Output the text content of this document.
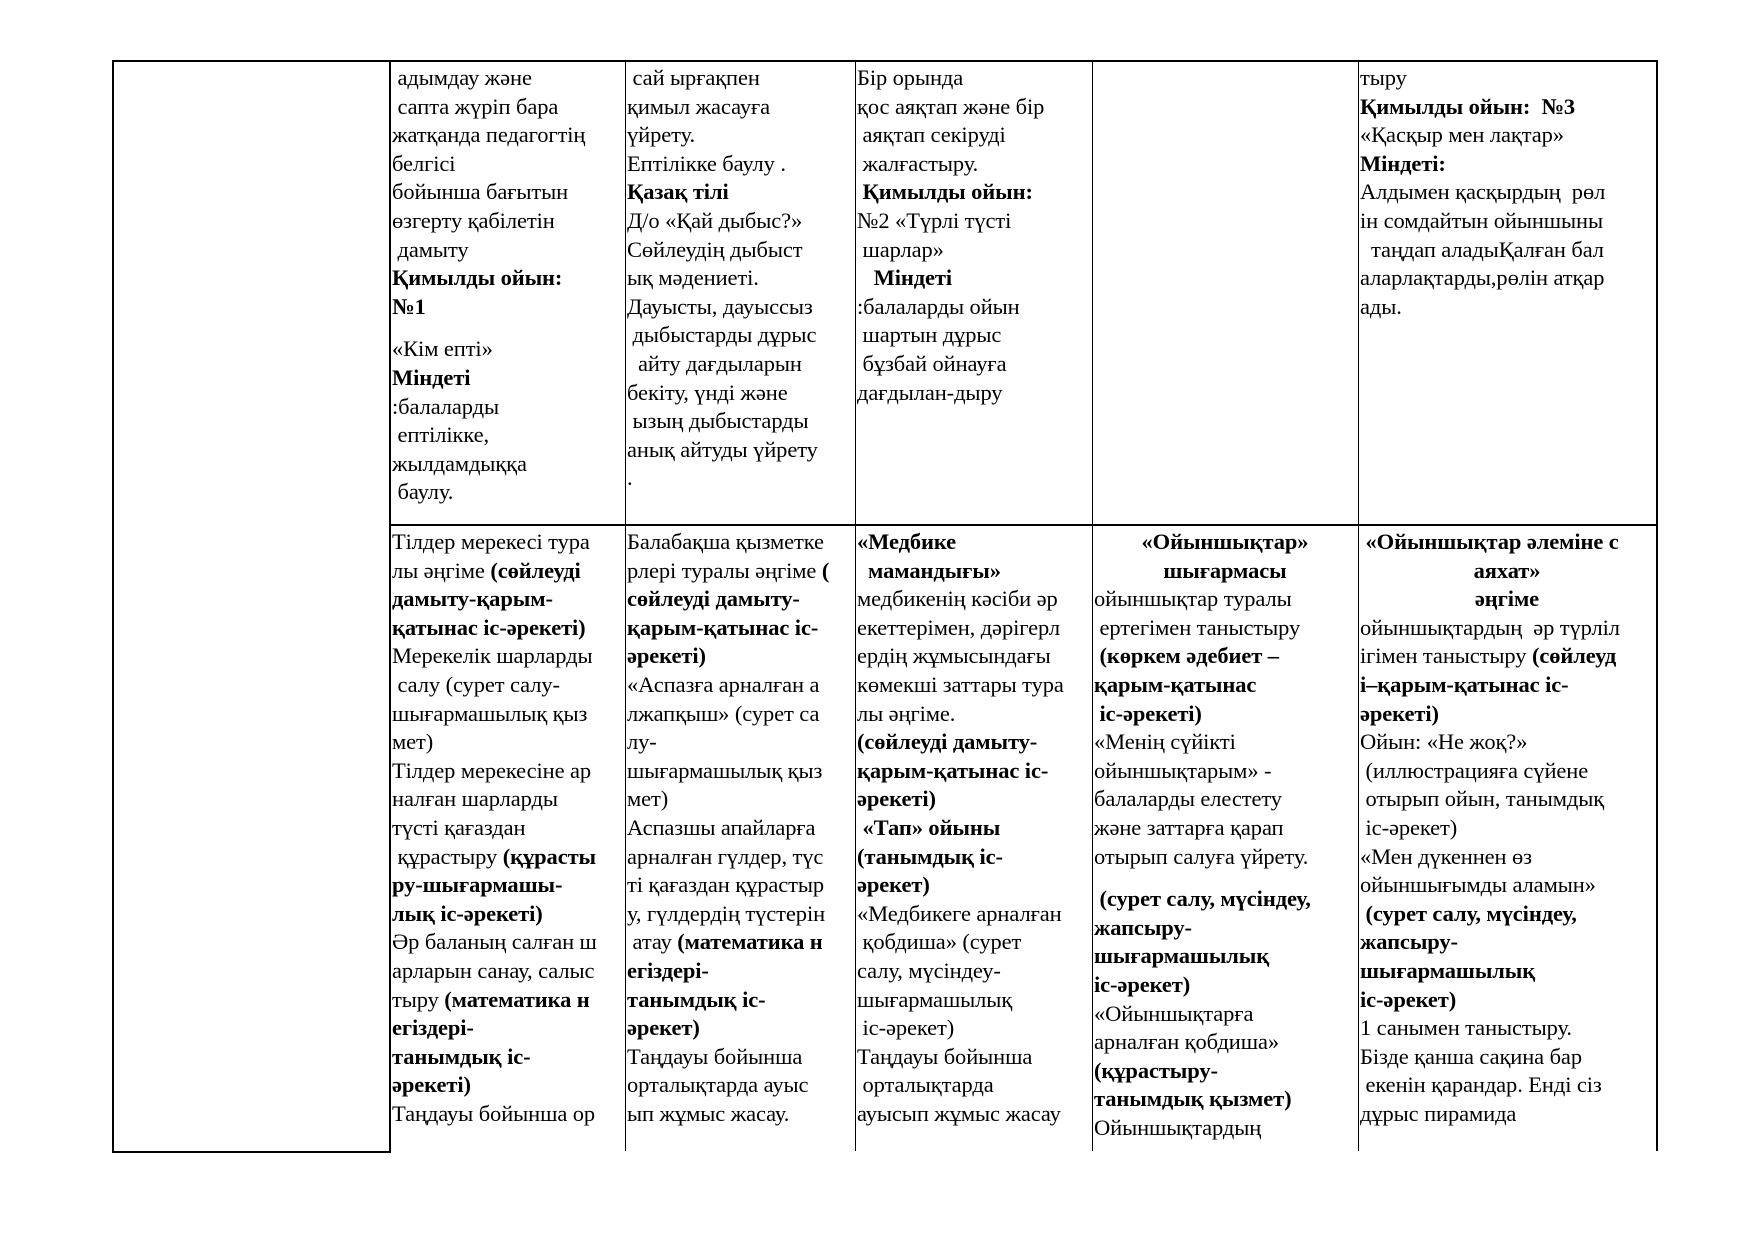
адымдау және
сапта жүріп бара
жатқанда педагогтің
белгісі
бойынша бағытын
өзгерту қабілетін
дамыту
Қимылды ойын:
№1
«Кім епті»
Міндеті
:балаларды
ептілікке,
жылдамдыққа
баулу.
сай ырғақпен
қимыл жасауға
үйрету.
Ептілікке баулу .
Қазақ тілі
Д/о «Қай дыбыс?»
Сөйлеудің дыбыст
ық мәдениеті.
Дауысты, дауыссыз
дыбыстарды дұрыс
айту дағдыларын
бекіту, үнді және
ызың дыбыстарды
анық айтуды үйрету
.
Бір орында
қос аяқтап және бір
аяқтап секіруді
жалғастыру.
Қимылды ойын:
№2 «Түрлі түсті
шарлар»
Міндеті
:балаларды ойын
шартын дұрыс
бұзбай ойнауға
дағдылан-дыру
тыру
Қимылды ойын:  №3
«Қасқыр мен лақтар»
Міндеті:
Алдымен қасқырдың  рөл
ін сомдайтын ойыншыны
таңдап аладыҚалған бал
аларлақтарды,рөлін атқар
ады.
Тілдер мерекесі тура
лы әңгіме (сөйлеуді
дамыту-қарым-
қатынас іс-әрекеті)
Мерекелік шарларды
салу (сурет салу-
шығармашылық қыз
мет)
Тілдер мерекесіне ар
налған шарларды
түсті қағаздан
құрастыру (құрасты
ру-шығармашы-
лық іс-әрекеті)
Әр баланың салған ш
арларын санау, салыс
тыру (математика н
егіздері-
танымдық іс-
әрекеті)
Таңдауы бойынша ор
Балабақша қызметке
рлері туралы әңгіме (
сөйлеуді дамыту-
қарым-қатынас іс-
әрекеті)
«Аспазға арналған а
лжапқыш» (сурет са
лу-
шығармашылық қыз
мет)
Аспазшы апайларға
арналған гүлдер, түс
ті қағаздан құрастыр
у, гүлдердің түстерін
атау (математика н
егіздері-
танымдық іс-
әрекет)
Таңдауы бойынша
орталықтарда ауыс
ып жұмыс жасау.
«Медбике
мамандығы»
медбикенің кәсіби әр
екеттерімен, дәрігерл
ердің жұмысындағы
көмекші заттары тура
лы әңгіме.
(сөйлеуді дамыту-
қарым-қатынас іс-
әрекеті)
«Тап» ойыны
(танымдық іс-
әрекет)
«Медбикеге арналған
қобдиша» (сурет
салу, мүсіндеу-
шығармашылық
іс-әрекет)
Таңдауы бойынша
орталықтарда
ауысып жұмыс жасау
«Ойыншықтар»
шығармасы
ойыншықтар туралы
ертегімен таныстыру
(көркем әдебиет –
қарым-қатынас
іс-әрекеті)
«Менің сүйікті
ойыншықтарым» -
балаларды елестету
және заттарға қарап
отырып салуға үйрету.
(сурет салу, мүсіндеу,
жапсыру-
шығармашылық
іс-әрекет)
«Ойыншықтарға
арналған қобдиша»
(құрастыру-
танымдық қызмет)
Ойыншықтардың
«Ойыншықтар әлеміне с
аяхат»
әңгіме
ойыншықтардың  әр түрліл
ігімен таныстыру (сөйлеуд
і–қарым-қатынас іс-
әрекеті)
Ойын: «Не жоқ?»
(иллюстрацияға сүйене
отырып ойын, танымдық
іс-әрекет)
«Мен дүкеннен өз
ойыншығымды аламын»
(сурет салу, мүсіндеу,
жапсыру-
шығармашылық
іс-әрекет)
1 санымен таныстыру.
Бізде қанша сақина бар
екенін қарандар. Енді сіз
дұрыс пирамида
